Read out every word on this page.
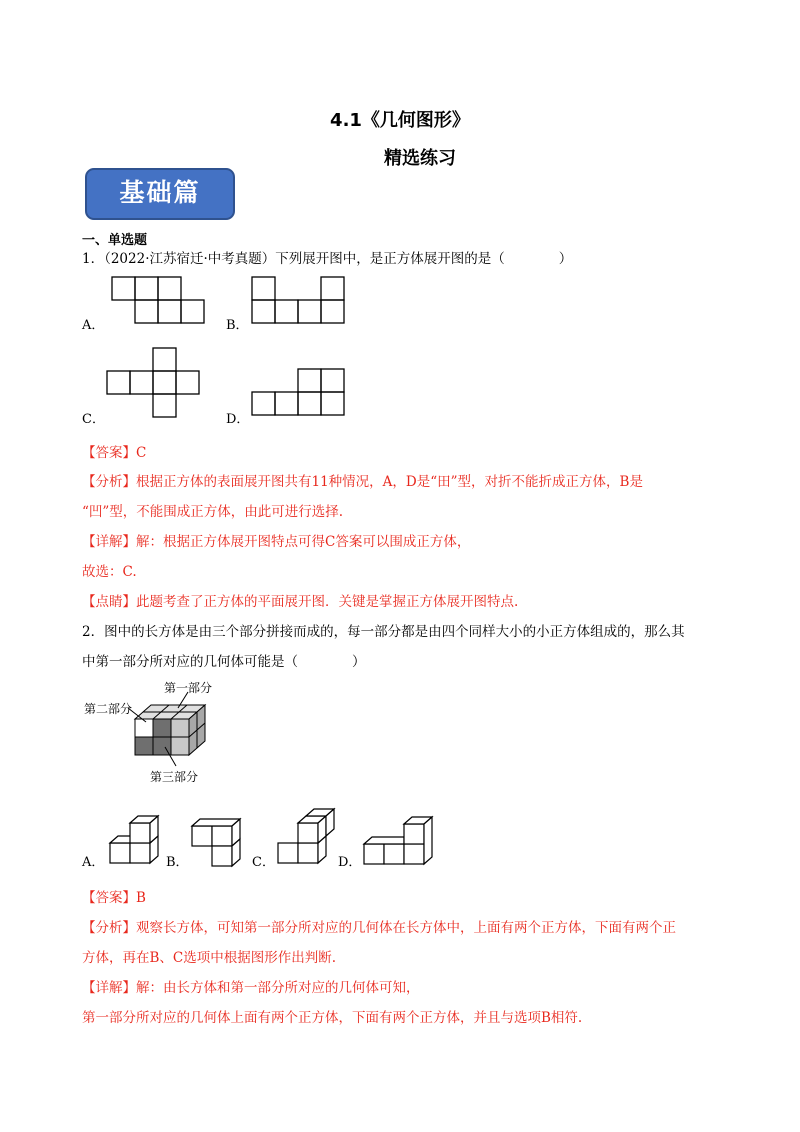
4.1《几何图形》
精选练习
基础篇
一、单选题
1．（2022·江苏宿迁·中考真题）下列展开图中，是正方体展开图的是（　　　　）
A．	B．
C．	D．
【答案】C
【分析】根据正方体的表面展开图共有11种情况，A，D是“田”型，对折不能折成正方体，B是
“凹”型，不能围成正方体，由此可进行选择.
【详解】解：根据正方体展开图特点可得C答案可以围成正方体，
故选：C.
【点睛】此题考查了正方体的平面展开图．关键是掌握正方体展开图特点.
2．图中的长方体是由三个部分拼接而成的，每一部分都是由四个同样大小的小正方体组成的，那么其
中第一部分所对应的几何体可能是（　　　　）
第一部分
第二部分
第三部分
A．	B．	C．	D．
【答案】B
【分析】观察长方体，可知第一部分所对应的几何体在长方体中，上面有两个正方体，下面有两个正
方体，再在B、C选项中根据图形作出判断.
【详解】解：由长方体和第一部分所对应的几何体可知，
第一部分所对应的几何体上面有两个正方体，下面有两个正方体，并且与选项B相符.
